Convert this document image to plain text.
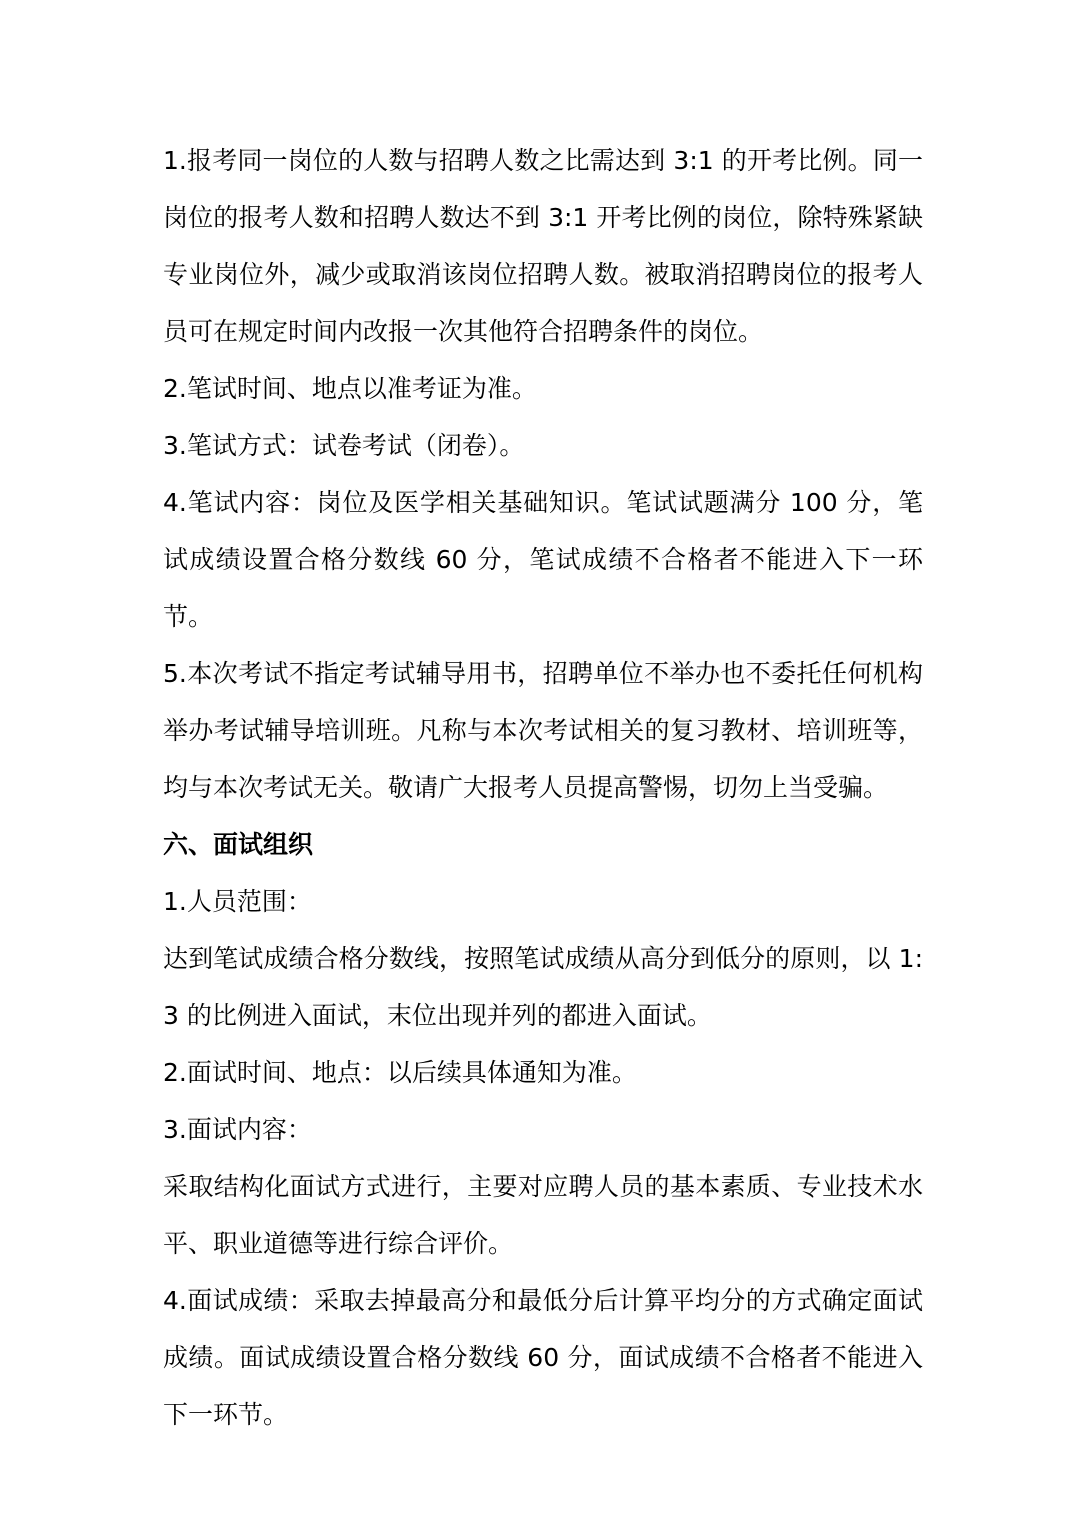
1.报考同一岗位的人数与招聘人数之比需达到 3:1 的开考比例。同一岗位的报考人数和招聘人数达不到 3:1 开考比例的岗位，除特殊紧缺专业岗位外，减少或取消该岗位招聘人数。被取消招聘岗位的报考人员可在规定时间内改报一次其他符合招聘条件的岗位。

2.笔试时间、地点以准考证为准。

3.笔试方式：试卷考试（闭卷）。

4.笔试内容：岗位及医学相关基础知识。笔试试题满分 100 分，笔试成绩设置合格分数线 60 分，笔试成绩不合格者不能进入下一环节。

5.本次考试不指定考试辅导用书，招聘单位不举办也不委托任何机构举办考试辅导培训班。凡称与本次考试相关的复习教材、培训班等，均与本次考试无关。敬请广大报考人员提高警惕，切勿上当受骗。

六、面试组织

1.人员范围：

达到笔试成绩合格分数线，按照笔试成绩从高分到低分的原则，以 1:3 的比例进入面试，末位出现并列的都进入面试。

2.面试时间、地点：以后续具体通知为准。

3.面试内容：

采取结构化面试方式进行，主要对应聘人员的基本素质、专业技术水平、职业道德等进行综合评价。

4.面试成绩：采取去掉最高分和最低分后计算平均分的方式确定面试成绩。面试成绩设置合格分数线 60 分，面试成绩不合格者不能进入下一环节。
